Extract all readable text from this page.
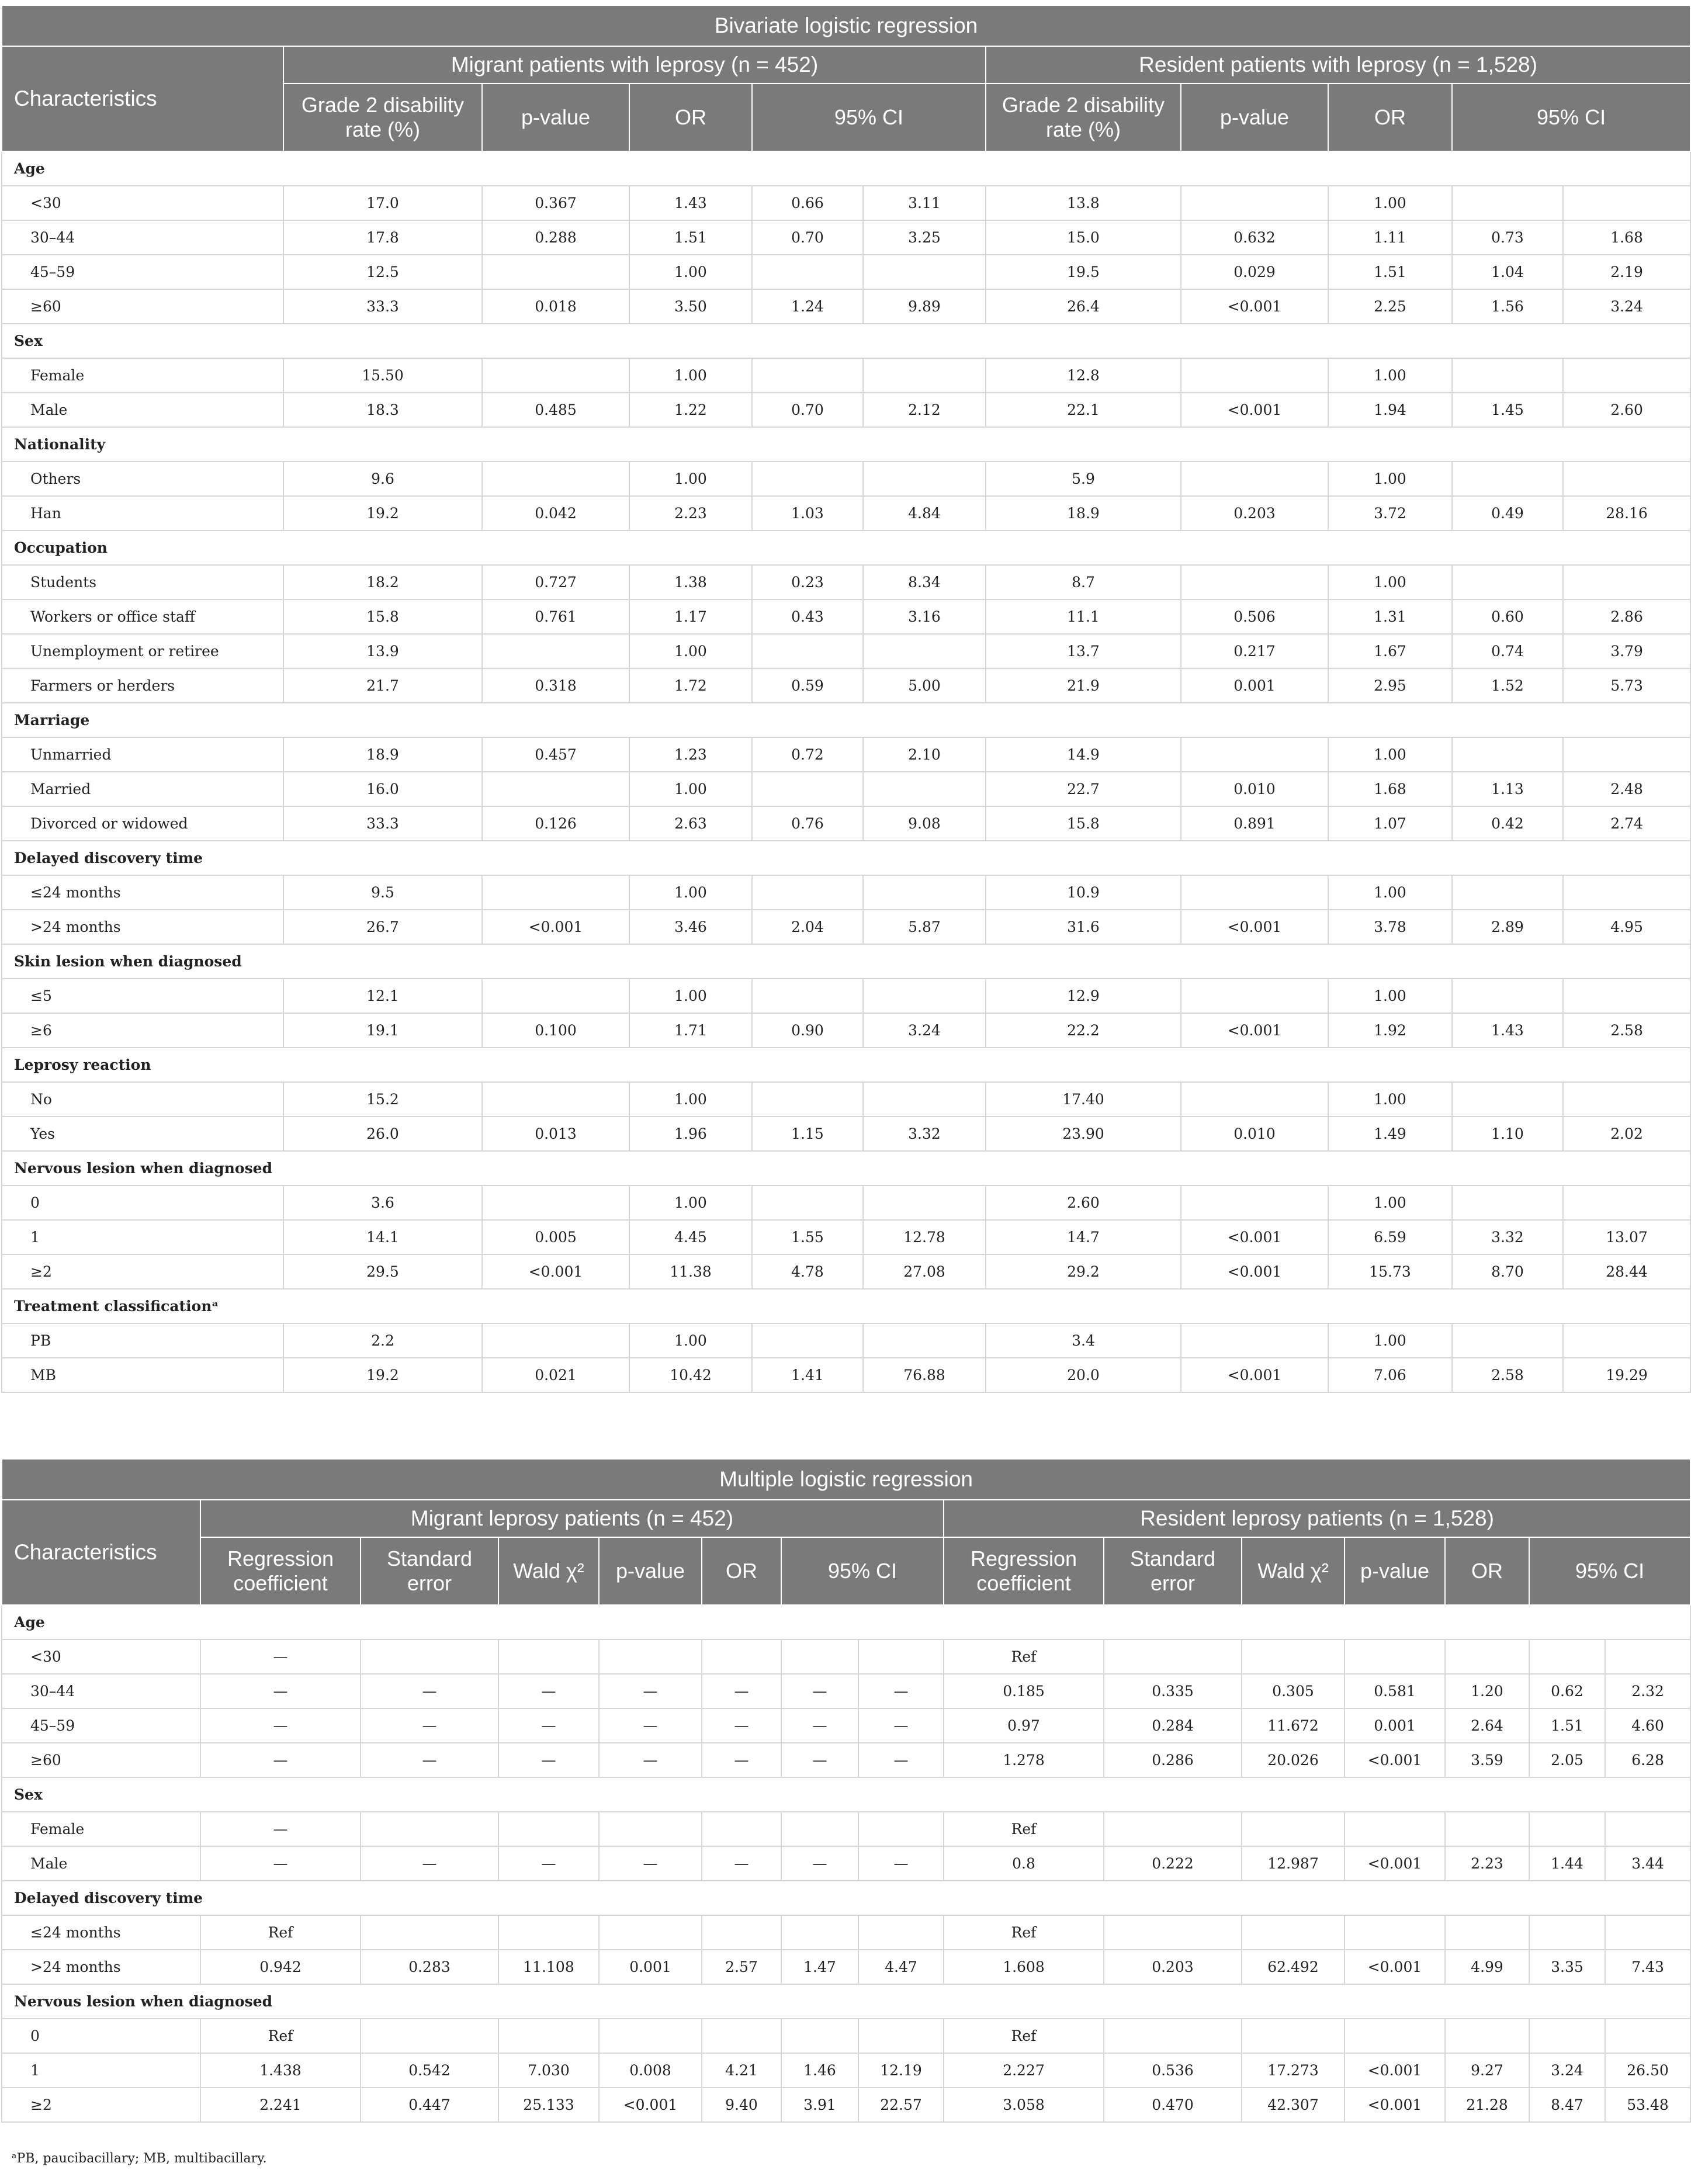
Bivariate logistic regression										
Characteristics	Migrant patients with leprosy (n = 452)					Resident patients with leprosy (n = 1,528)				
	Grade 2 disability rate (%)	p-value	OR	95% CI		Grade 2 disability rate (%)	p-value	OR	95% CI	
Age										
<30	17.0	0.367	1.43	0.66	3.11	13.8		1.00		
30–44	17.8	0.288	1.51	0.70	3.25	15.0	0.632	1.11	0.73	1.68
45–59	12.5		1.00			19.5	0.029	1.51	1.04	2.19
≥60	33.3	0.018	3.50	1.24	9.89	26.4	<0.001	2.25	1.56	3.24
Sex										
Female	15.50		1.00			12.8		1.00		
Male	18.3	0.485	1.22	0.70	2.12	22.1	<0.001	1.94	1.45	2.60
Nationality										
Others	9.6		1.00			5.9		1.00		
Han	19.2	0.042	2.23	1.03	4.84	18.9	0.203	3.72	0.49	28.16
Occupation										
Students	18.2	0.727	1.38	0.23	8.34	8.7		1.00		
Workers or office staff	15.8	0.761	1.17	0.43	3.16	11.1	0.506	1.31	0.60	2.86
Unemployment or retiree	13.9		1.00			13.7	0.217	1.67	0.74	3.79
Farmers or herders	21.7	0.318	1.72	0.59	5.00	21.9	0.001	2.95	1.52	5.73
Marriage										
Unmarried	18.9	0.457	1.23	0.72	2.10	14.9		1.00		
Married	16.0		1.00			22.7	0.010	1.68	1.13	2.48
Divorced or widowed	33.3	0.126	2.63	0.76	9.08	15.8	0.891	1.07	0.42	2.74
Delayed discovery time										
≤24 months	9.5		1.00			10.9		1.00		
>24 months	26.7	<0.001	3.46	2.04	5.87	31.6	<0.001	3.78	2.89	4.95
Skin lesion when diagnosed										
≤5	12.1		1.00			12.9		1.00		
≥6	19.1	0.100	1.71	0.90	3.24	22.2	<0.001	1.92	1.43	2.58
Leprosy reaction										
No	15.2		1.00			17.40		1.00		
Yes	26.0	0.013	1.96	1.15	3.32	23.90	0.010	1.49	1.10	2.02
Nervous lesion when diagnosed										
0	3.6		1.00			2.60		1.00		
1	14.1	0.005	4.45	1.55	12.78	14.7	<0.001	6.59	3.32	13.07
≥2	29.5	<0.001	11.38	4.78	27.08	29.2	<0.001	15.73	8.70	28.44
Treatment classificationᵃ										
PB	2.2		1.00			3.4		1.00		
MB	19.2	0.021	10.42	1.41	76.88	20.0	<0.001	7.06	2.58	19.29
Multiple logistic regression														
Characteristics	Migrant leprosy patients (n = 452)							Resident leprosy patients (n = 1,528)						
	Regression coefficient	Standard error	Wald χ²	p-value	OR	95% CI		Regression coefficient	Standard error	Wald χ²	p-value	OR	95% CI	
Age														
<30	—							Ref						
30–44	—	—	—	—	—	—	—	0.185	0.335	0.305	0.581	1.20	0.62	2.32
45–59	—	—	—	—	—	—	—	0.97	0.284	11.672	0.001	2.64	1.51	4.60
≥60	—	—	—	—	—	—	—	1.278	0.286	20.026	<0.001	3.59	2.05	6.28
Sex														
Female	—							Ref						
Male	—	—	—	—	—	—	—	0.8	0.222	12.987	<0.001	2.23	1.44	3.44
Delayed discovery time														
≤24 months	Ref							Ref						
>24 months	0.942	0.283	11.108	0.001	2.57	1.47	4.47	1.608	0.203	62.492	<0.001	4.99	3.35	7.43
Nervous lesion when diagnosed														
0	Ref							Ref						
1	1.438	0.542	7.030	0.008	4.21	1.46	12.19	2.227	0.536	17.273	<0.001	9.27	3.24	26.50
≥2	2.241	0.447	25.133	<0.001	9.40	3.91	22.57	3.058	0.470	42.307	<0.001	21.28	8.47	53.48
ᵃPB, paucibacillary; MB, multibacillary.
